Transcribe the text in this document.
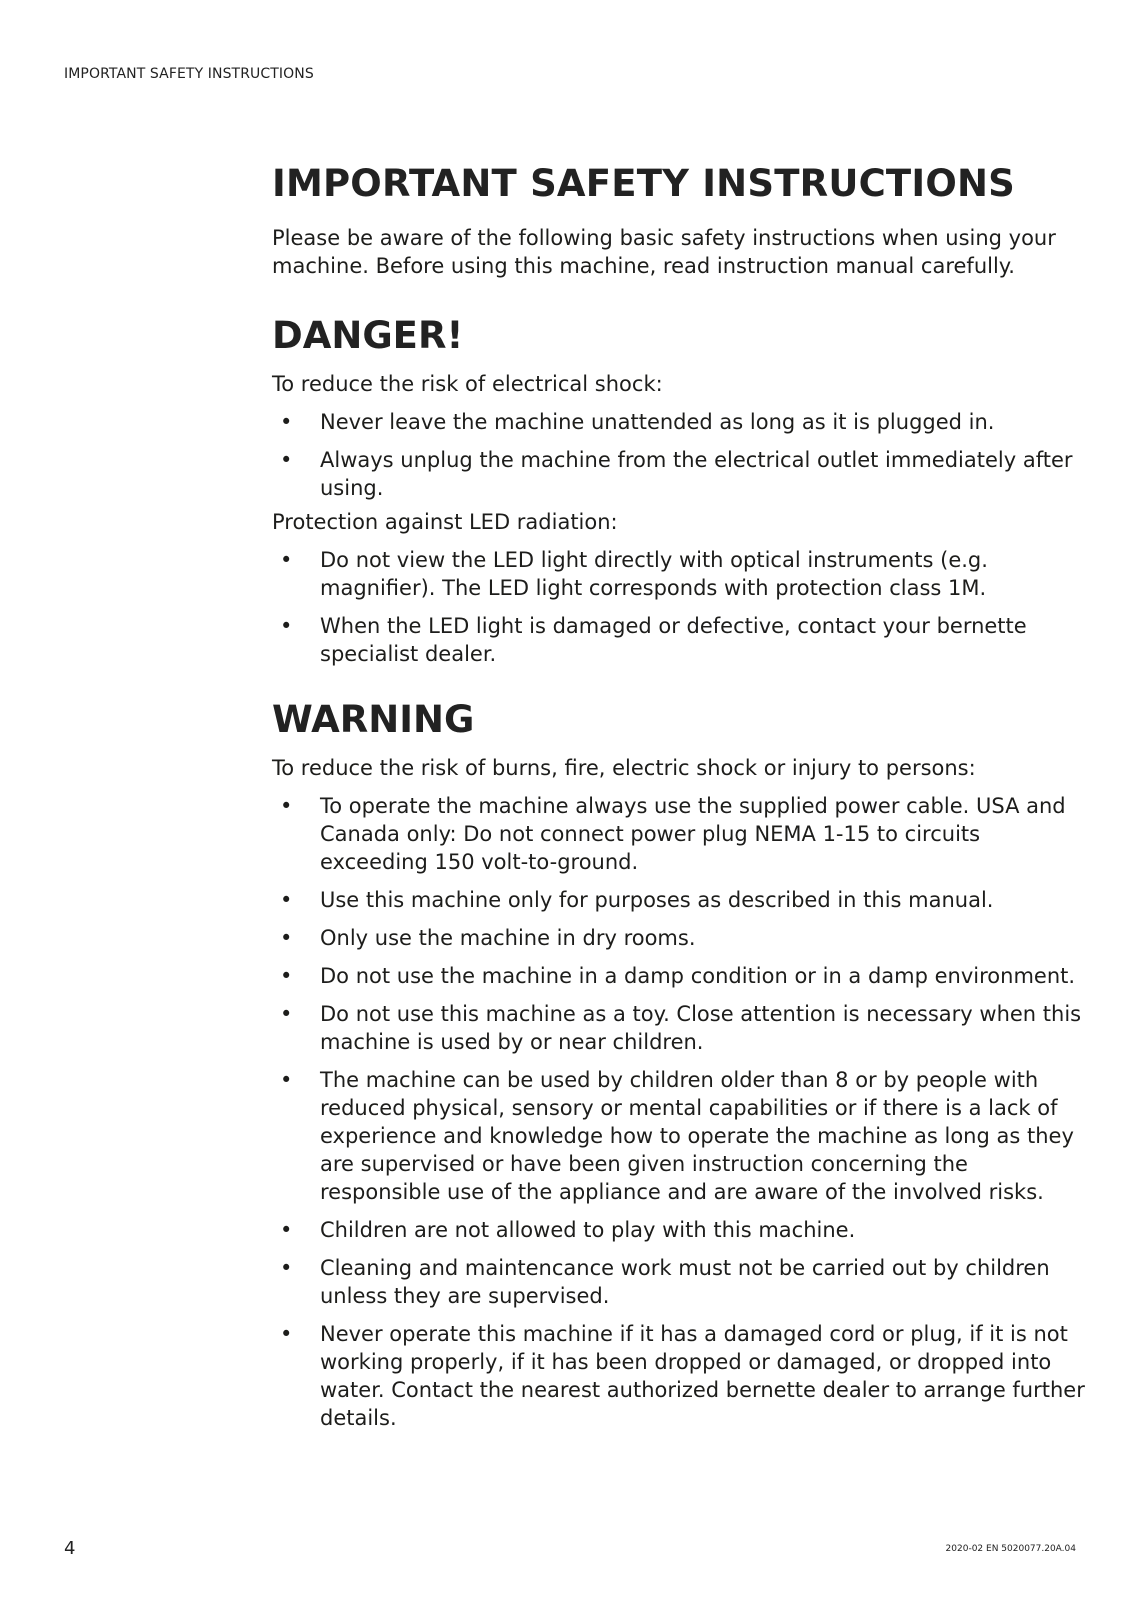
IMPORTANT SAFETY INSTRUCTIONS
IMPORTANT SAFETY INSTRUCTIONS

Please be aware of the following basic safety instructions when using your machine. Before using this machine, read instruction manual carefully.

DANGER!

To reduce the risk of electrical shock:

• Never leave the machine unattended as long as it is plugged in.
• Always unplug the machine from the electrical outlet immediately after using.

Protection against LED radiation:

• Do not view the LED light directly with optical instruments (e.g. magnifier). The LED light corresponds with protection class 1M.
• When the LED light is damaged or defective, contact your bernette specialist dealer.
WARNING

To reduce the risk of burns, fire, electric shock or injury to persons:

• To operate the machine always use the supplied power cable. USA and Canada only: Do not connect power plug NEMA 1-15 to circuits exceeding 150 volt-to-ground.
• Use this machine only for purposes as described in this manual.
• Only use the machine in dry rooms.
• Do not use the machine in a damp condition or in a damp environment.
• Do not use this machine as a toy. Close attention is necessary when this machine is used by or near children.
• The machine can be used by children older than 8 or by people with reduced physical, sensory or mental capabilities or if there is a lack of experience and knowledge how to operate the machine as long as they are supervised or have been given instruction concerning the responsible use of the appliance and are aware of the involved risks.
• Children are not allowed to play with this machine.
• Cleaning and maintencance work must not be carried out by children unless they are supervised.
• Never operate this machine if it has a damaged cord or plug, if it is not working properly, if it has been dropped or damaged, or dropped into water. Contact the nearest authorized bernette dealer to arrange further details.
4	2020-02 EN 5020077.20A.04
